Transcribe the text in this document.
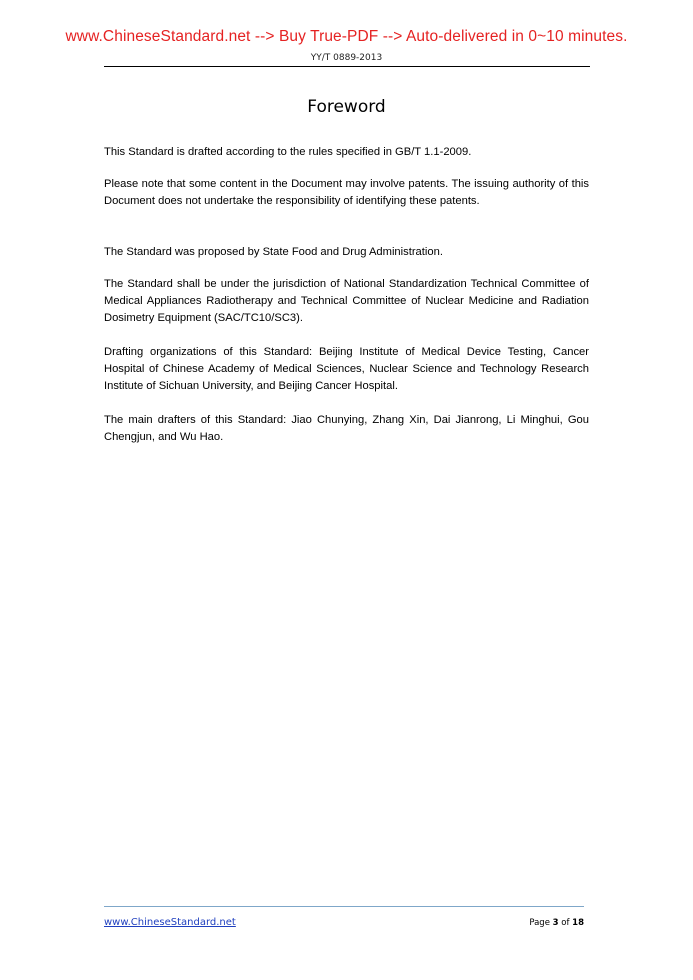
www.ChineseStandard.net --> Buy True-PDF --> Auto-delivered in 0~10 minutes.
YY/T 0889-2013
Foreword

This Standard is drafted according to the rules specified in GB/T 1.1-2009.

Please note that some content in the Document may involve patents. The issuing authority of this Document does not undertake the responsibility of identifying these patents.

The Standard was proposed by State Food and Drug Administration.

The Standard shall be under the jurisdiction of National Standardization Technical Committee of Medical Appliances Radiotherapy and Technical Committee of Nuclear Medicine and Radiation Dosimetry Equipment (SAC/TC10/SC3).

Drafting organizations of this Standard: Beijing Institute of Medical Device Testing, Cancer Hospital of Chinese Academy of Medical Sciences, Nuclear Science and Technology Research Institute of Sichuan University, and Beijing Cancer Hospital.

The main drafters of this Standard: Jiao Chunying, Zhang Xin, Dai Jianrong, Li Minghui, Gou Chengjun, and Wu Hao.

www.ChineseStandard.net	Page 3 of 18
